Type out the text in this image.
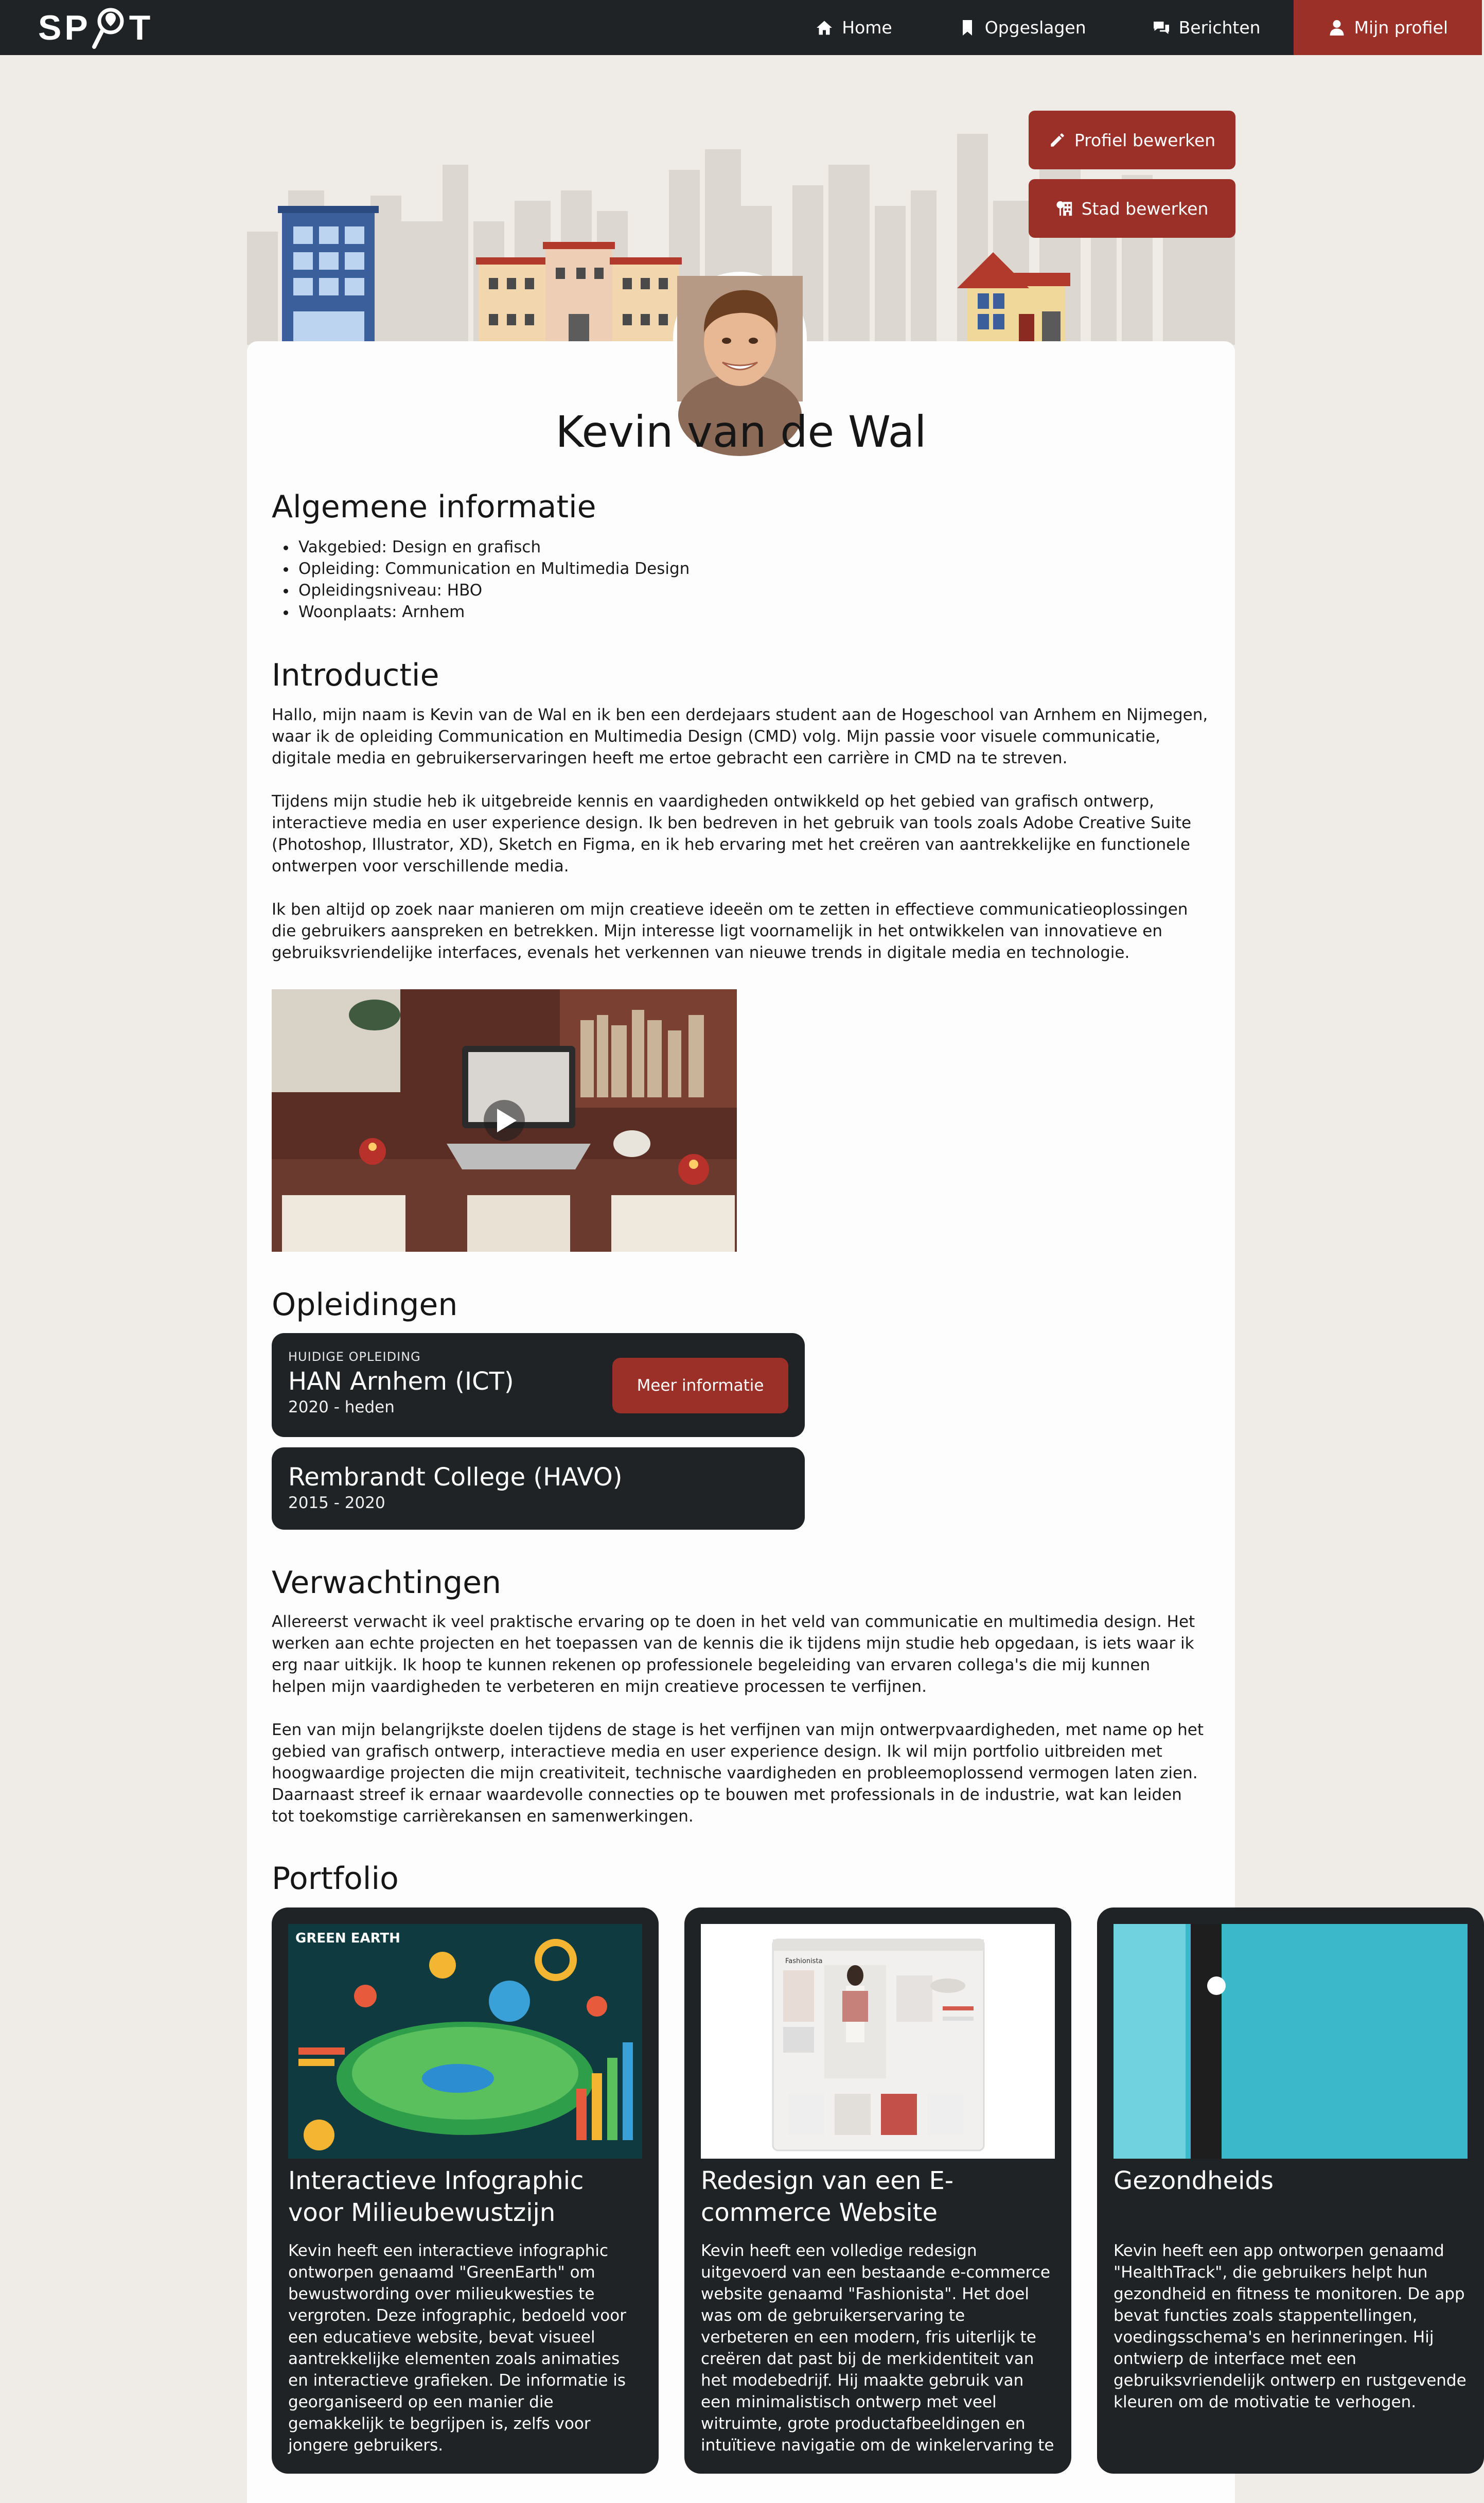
SP T	Home	Opgeslagen	Berichten	Mijn profiel
Profiel bewerken
Stad bewerken
Kevin van de Wal
Algemene informatie
• Vakgebied: Design en grafisch
• Opleiding: Communication en Multimedia Design
• Opleidingsniveau: HBO
• Woonplaats: Arnhem
Introductie

Hallo, mijn naam is Kevin van de Wal en ik ben een derdejaars student aan de Hogeschool van Arnhem en Nijmegen, waar ik de opleiding Communication en Multimedia Design (CMD) volg. Mijn passie voor visuele communicatie, digitale media en gebruikerservaringen heeft me ertoe gebracht een carrière in CMD na te streven.

Tijdens mijn studie heb ik uitgebreide kennis en vaardigheden ontwikkeld op het gebied van grafisch ontwerp, interactieve media en user experience design. Ik ben bedreven in het gebruik van tools zoals Adobe Creative Suite (Photoshop, Illustrator, XD), Sketch en Figma, en ik heb ervaring met het creëren van aantrekkelijke en functionele ontwerpen voor verschillende media.

Ik ben altijd op zoek naar manieren om mijn creatieve ideeën om te zetten in effectieve communicatieoplossingen die gebruikers aanspreken en betrekken. Mijn interesse ligt voornamelijk in het ontwikkelen van innovatieve en gebruiksvriendelijke interfaces, evenals het verkennen van nieuwe trends in digitale media en technologie.

Opleidingen
HUIDIGE OPLEIDING
HAN Arnhem (ICT)
2020 - heden
Meer informatie
Rembrandt College (HAVO)
2015 - 2020
Verwachtingen

Allereerst verwacht ik veel praktische ervaring op te doen in het veld van communicatie en multimedia design. Het werken aan echte projecten en het toepassen van de kennis die ik tijdens mijn studie heb opgedaan, is iets waar ik erg naar uitkijk. Ik hoop te kunnen rekenen op professionele begeleiding van ervaren collega's die mij kunnen helpen mijn vaardigheden te verbeteren en mijn creatieve processen te verfijnen.

Een van mijn belangrijkste doelen tijdens de stage is het verfijnen van mijn ontwerpvaardigheden, met name op het gebied van grafisch ontwerp, interactieve media en user experience design. Ik wil mijn portfolio uitbreiden met hoogwaardige projecten die mijn creativiteit, technische vaardigheden en probleemoplossend vermogen laten zien. Daarnaast streef ik ernaar waardevolle connecties op te bouwen met professionals in de industrie, wat kan leiden tot toekomstige carrièrekansen en samenwerkingen.

Portfolio
GREEN EARTH
Interactieve Infographic voor Milieubewustzijn
Kevin heeft een interactieve infographic ontworpen genaamd "GreenEarth" om bewustwording over milieukwesties te vergroten. Deze infographic, bedoeld voor een educatieve website, bevat visueel aantrekkelijke elementen zoals animaties en interactieve grafieken. De informatie is georganiseerd op een manier die gemakkelijk te begrijpen is, zelfs voor jongere gebruikers.
Fashionista
Redesign van een E-commerce Website
Kevin heeft een volledige redesign uitgevoerd van een bestaande e-commerce website genaamd "Fashionista". Het doel was om de gebruikerservaring te verbeteren en een modern, fris uiterlijk te creëren dat past bij de merkidentiteit van het modebedrijf. Hij maakte gebruik van een minimalistisch ontwerp met veel witruimte, grote productafbeeldingen en intuïtieve navigatie om de winkelervaring te
Gezondheids
Kevin heeft een app ontworpen genaamd "HealthTrack", die gebruikers helpt hun gezondheid en fitness te monitoren. De app bevat functies zoals stappentellingen, voedingsschema's en herinneringen. Hij ontwierp de interface met een gebruiksvriendelijk ontwerp en rustgevende kleuren om de motivatie te verhogen.
